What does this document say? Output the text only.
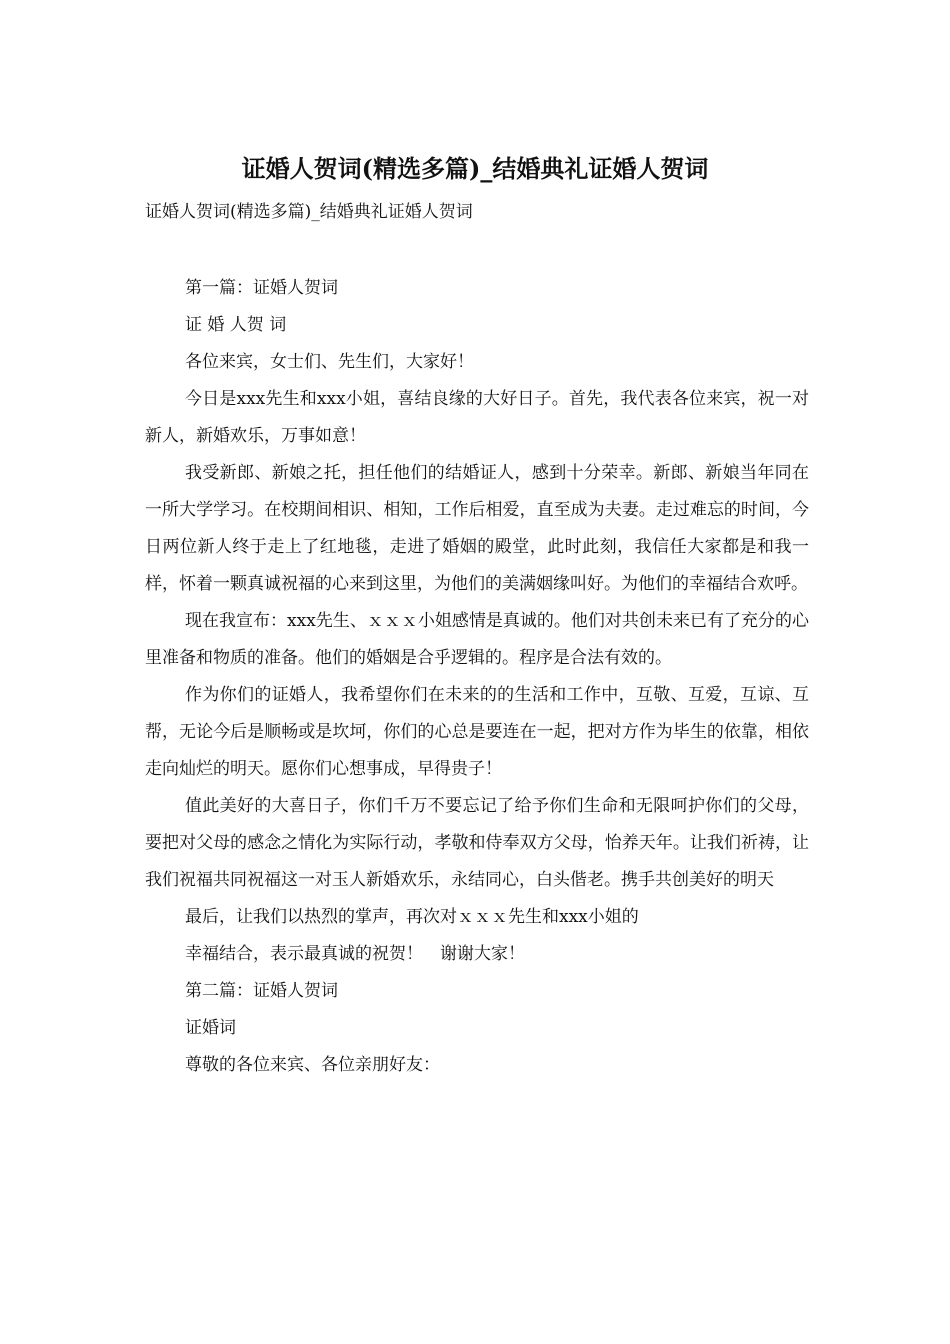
证婚人贺词(精选多篇)_结婚典礼证婚人贺词

证婚人贺词(精选多篇)_结婚典礼证婚人贺词

第一篇：证婚人贺词

证 婚 人贺 词

各位来宾，女士们、先生们，大家好！

今日是xxx先生和xxx小姐，喜结良缘的大好日子。首先，我代表各位来宾，祝一对新人，新婚欢乐，万事如意！

我受新郎、新娘之托，担任他们的结婚证人，感到十分荣幸。新郎、新娘当年同在一所大学学习。在校期间相识、相知，工作后相爱，直至成为夫妻。走过难忘的时间，今日两位新人终于走上了红地毯，走进了婚姻的殿堂，此时此刻，我信任大家都是和我一样，怀着一颗真诚祝福的心来到这里，为他们的美满姻缘叫好。为他们的幸福结合欢呼。

现在我宣布：xxx先生、ｘｘｘ小姐感情是真诚的。他们对共创未来已有了充分的心里准备和物质的准备。他们的婚姻是合乎逻辑的。程序是合法有效的。

作为你们的证婚人，我希望你们在未来的的生活和工作中，互敬、互爱，互谅、互帮，无论今后是顺畅或是坎坷，你们的心总是要连在一起，把对方作为毕生的依靠，相依走向灿烂的明天。愿你们心想事成，早得贵子！

值此美好的大喜日子，你们千万不要忘记了给予你们生命和无限呵护你们的父母，要把对父母的感念之情化为实际行动，孝敬和侍奉双方父母，怡养天年。让我们祈祷，让我们祝福共同祝福这一对玉人新婚欢乐，永结同心，白头偕老。携手共创美好的明天

最后，让我们以热烈的掌声，再次对ｘｘｘ先生和xxx小姐的

幸福结合，表示最真诚的祝贺！　谢谢大家！

第二篇：证婚人贺词

证婚词

尊敬的各位来宾、各位亲朋好友：
